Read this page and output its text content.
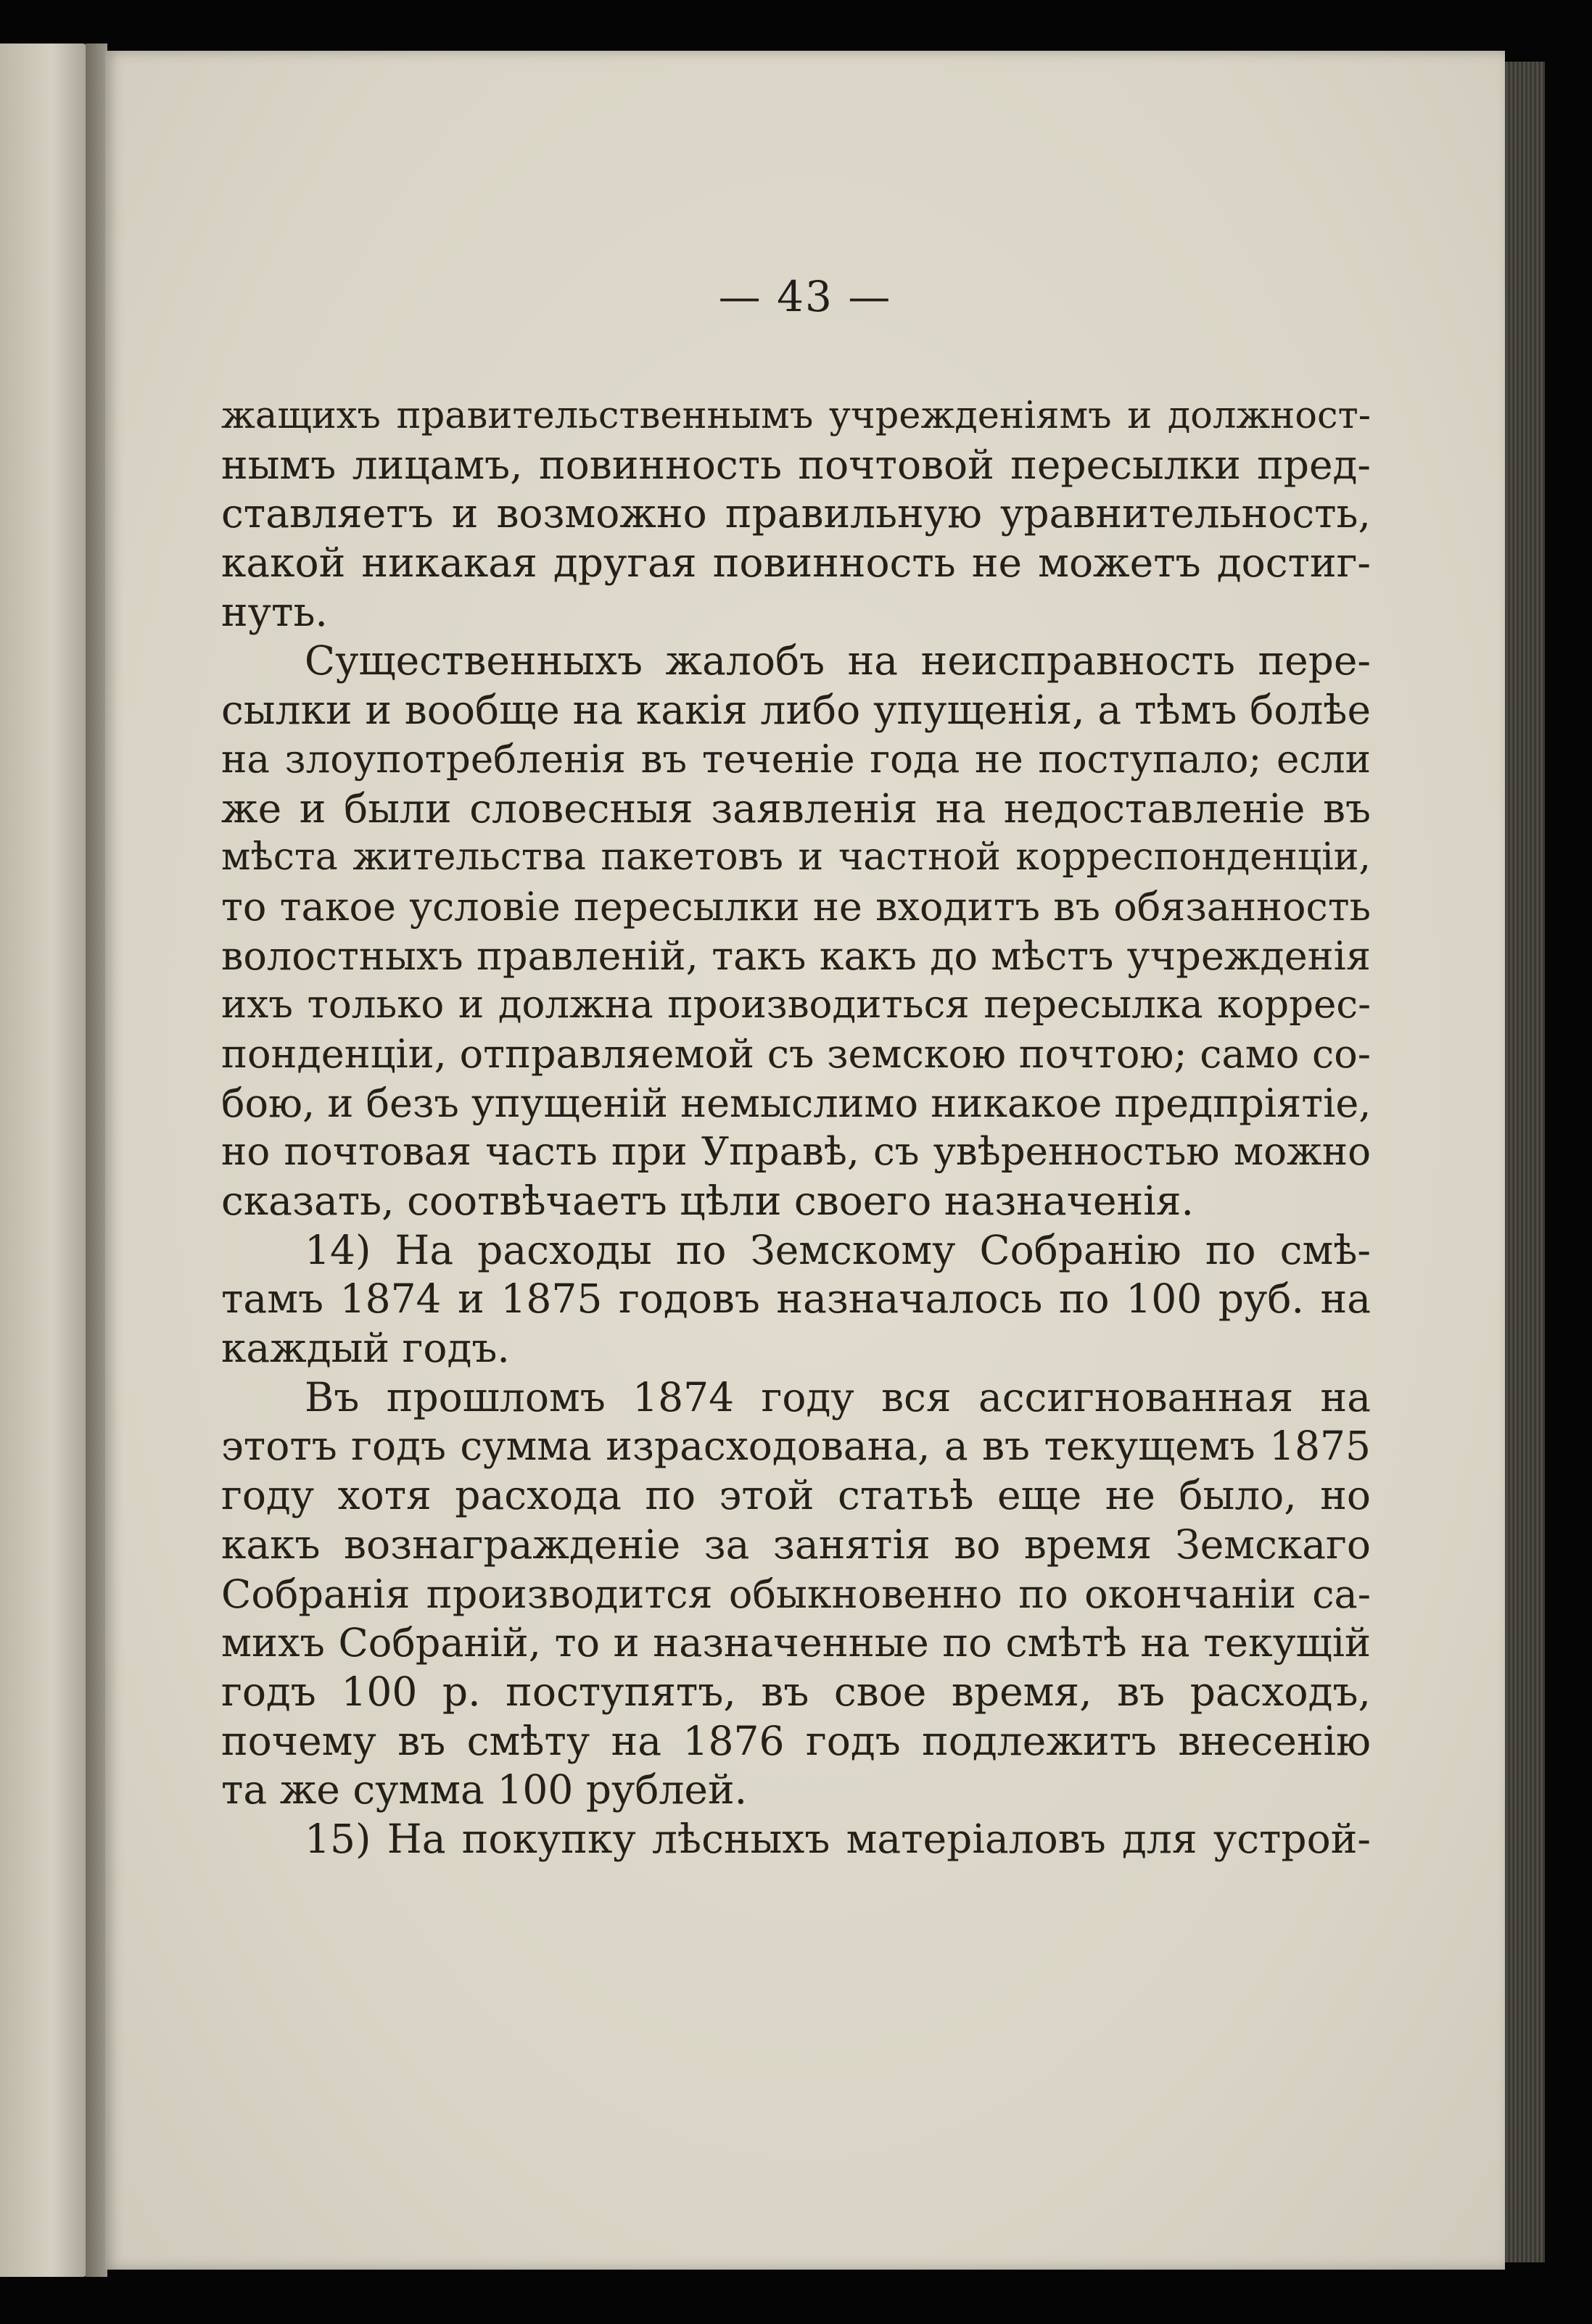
— 43 —
жащихъ правительственнымъ учрежденіямъ и должност-
нымъ лицамъ, повинность почтовой пересылки пред-
ставляетъ и возможно правильную уравнительность,
какой никакая другая повинность не можетъ достиг-
нуть.
Существенныхъ жалобъ на неисправность пере-
сылки и вообще на какія либо упущенія, а тѣмъ болѣе
на злоупотребленія въ теченіе года не поступало; если
же и были словесныя заявленія на недоставленіе въ
мѣста жительства пакетовъ и частной корреспонденціи,
то такое условіе пересылки не входитъ въ обязанность
волостныхъ правленій, такъ какъ до мѣстъ учрежденія
ихъ только и должна производиться пересылка коррес-
понденціи, отправляемой съ земскою почтою; само со-
бою, и безъ упущеній немыслимо никакое предпріятіе,
но почтовая часть при Управѣ, съ увѣренностью можно
сказать, соотвѣчаетъ цѣли своего назначенія.
14) На расходы по Земскому Собранію по смѣ-
тамъ 1874 и 1875 годовъ назначалось по 100 руб. на
каждый годъ.
Въ прошломъ 1874 году вся ассигнованная на
этотъ годъ сумма израсходована, а въ текущемъ 1875
году хотя расхода по этой статьѣ еще не было, но
какъ вознагражденіе за занятія во время Земскаго
Собранія производится обыкновенно по окончаніи са-
михъ Собраній, то и назначенные по смѣтѣ на текущій
годъ 100 р. поступятъ, въ свое время, въ расходъ,
почему въ смѣту на 1876 годъ подлежитъ внесенію
та же сумма 100 рублей.
15) На покупку лѣсныхъ матеріаловъ для устрой-
